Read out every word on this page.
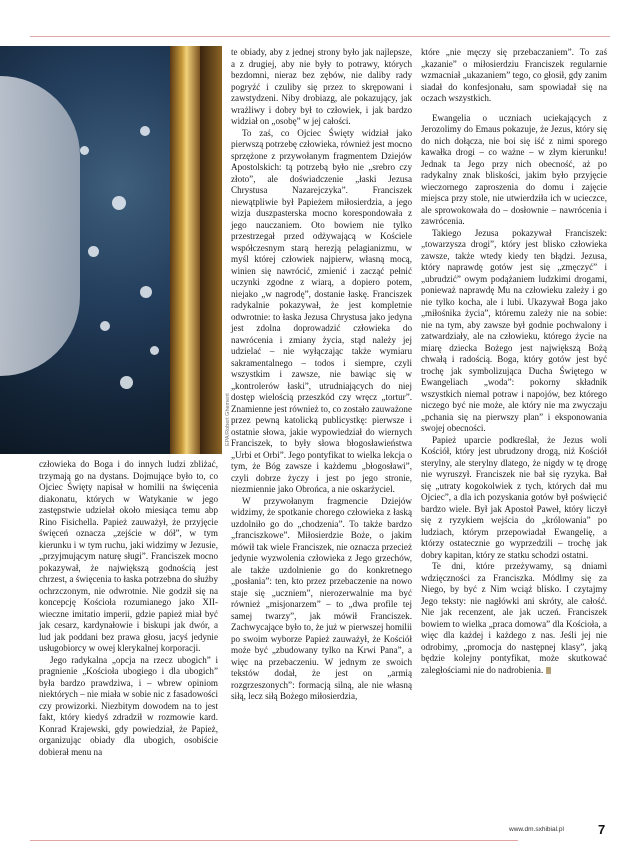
EPA/Robert Ghement

człowieka do Boga i do innych ludzi zbliżać, trzymają go na dystans. Dojmujące było to, co Ojciec Święty napisał w homilii na święcenia diakonatu, których w Watykanie w jego zastępstwie udzielał około miesiąca temu abp Rino Fisichella. Papież zauważył, że przyjęcie święceń oznacza „zejście w dół”, w tym kierunku i w tym ruchu, jaki widzimy w Jezusie, „przyjmującym naturę sługi”. Franciszek mocno pokazywał, że największą godnością jest chrzest, a święcenia to łaska potrzebna do służby ochrzczonym, nie odwrotnie. Nie godził się na koncepcję Kościoła rozumianego jako XII-wieczne imitatio imperii, gdzie papież miał być jak cesarz, kardynałowie i biskupi jak dwór, a lud jak poddani bez prawa głosu, jacyś jedynie usługobiorcy w owej klerykalnej korporacji.

Jego radykalna „opcja na rzecz ubogich” i pragnienie „Kościoła ubogiego i dla ubogich” była bardzo prawdziwa, i – wbrew opiniom niektórych – nie miała w sobie nic z fasadowości czy prowizorki. Niezbitym dowodem na to jest fakt, który kiedyś zdradził w rozmowie kard. Konrad Krajewski, gdy powiedział, że Papież, organizując obiady dla ubogich, osobiście dobierał menu na

te obiady, aby z jednej strony było jak najlepsze, a z drugiej, aby nie były to potrawy, których bezdomni, nieraz bez zębów, nie daliby rady pogryźć i czuliby się przez to skrępowani i zawstydzeni. Niby drobiazg, ale pokazujący, jak wrażliwy i dobry był to człowiek, i jak bardzo widział on „osobę” w jej całości.

To zaś, co Ojciec Święty widział jako pierwszą potrzebę człowieka, również jest mocno sprzężone z przywołanym fragmentem Dziejów Apostolskich: tą potrzebą było nie „srebro czy złoto”, ale doświadczenie „łaski Jezusa Chrystusa Nazarejczyka”. Franciszek niewątpliwie był Papieżem miłosierdzia, a jego wizja duszpasterska mocno korespondowała z jego nauczaniem. Oto bowiem nie tylko przestrzegał przed odżywającą w Kościele współczesnym starą herezją pelagianizmu, w myśl której człowiek najpierw, własną mocą, winien się nawrócić, zmienić i zacząć pełnić uczynki zgodne z wiarą, a dopiero potem, niejako „w nagrodę”, dostanie łaskę. Franciszek radykalnie pokazywał, że jest kompletnie odwrotnie: to łaska Jezusa Chrystusa jako jedyna jest zdolna doprowadzić człowieka do nawrócenia i zmiany życia, stąd należy jej udzielać – nie wyłączając także wymiaru sakramentalnego – todos i siempre, czyli wszystkim i zawsze, nie bawiąc się w „kontrolerów łaski”, utrudniających do niej dostęp wielością przeszkód czy wręcz „tortur”. Znamienne jest również to, co zostało zauważone przez pewną katolicką publicystkę: pierwsze i ostatnie słowa, jakie wypowiedział do wiernych Franciszek, to były słowa błogosławieństwa „Urbi et Orbi”. Jego pontyfikat to wielka lekcja o tym, że Bóg zawsze i każdemu „błogosławi”, czyli dobrze życzy i jest po jego stronie, niezmiennie jako Obrońca, a nie oskarżyciel.

W przywołanym fragmencie Dziejów widzimy, że spotkanie chorego człowieka z łaską uzdolniło go do „chodzenia”. To także bardzo „franciszkowe”. Miłosierdzie Boże, o jakim mówił tak wiele Franciszek, nie oznacza przecież jedynie wyzwolenia człowieka z Jego grzechów, ale także uzdolnienie go do konkretnego „posłania”: ten, kto przez przebaczenie na nowo staje się „uczniem”, nierozerwalnie ma być również „misjonarzem” – to „dwa profile tej samej twarzy”, jak mówił Franciszek. Zachwycające było to, że już w pierwszej homilii po swoim wyborze Papież zauważył, że Kościół może być „zbudowany tylko na Krwi Pana”, a więc na przebaczeniu. W jednym ze swoich tekstów dodał, że jest on „armią rozgrzeszonych”: formacją silną, ale nie własną siłą, lecz siłą Bożego miłosierdzia,

które „nie męczy się przebaczaniem”. To zaś „kazanie” o miłosierdziu Franciszek regularnie wzmacniał „ukazaniem” tego, co głosił, gdy zanim siadał do konfesjonału, sam spowiadał się na oczach wszystkich.

Ewangelia o uczniach uciekających z Jerozolimy do Emaus pokazuje, że Jezus, który się do nich dołącza, nie boi się iść z nimi sporego kawałka drogi – co ważne – w złym kierunku! Jednak ta Jego przy nich obecność, aż po radykalny znak bliskości, jakim było przyjęcie wieczornego zaproszenia do domu i zajęcie miejsca przy stole, nie utwierdziła ich w ucieczce, ale sprowokowała do – dosłownie – nawrócenia i zawrócenia.

Takiego Jezusa pokazywał Franciszek: „towarzysza drogi”, który jest blisko człowieka zawsze, także wtedy kiedy ten błądzi. Jezusa, który naprawdę gotów jest się „zmęczyć” i „ubrudzić” owym podążaniem ludzkimi drogami, ponieważ naprawdę Mu na człowieku zależy i go nie tylko kocha, ale i lubi. Ukazywał Boga jako „miłośnika życia”, któremu zależy nie na sobie: nie na tym, aby zawsze był godnie pochwalony i zatwardziały, ale na człowieku, którego życie na miarę dziecka Bożego jest największą Bożą chwałą i radością. Boga, który gotów jest być trochę jak symbolizująca Ducha Świętego w Ewangeliach „woda”: pokorny składnik wszystkich niemal potraw i napojów, bez którego niczego być nie może, ale który nie ma zwyczaju „pchania się na pierwszy plan” i eksponowania swojej obecności.

Papież uparcie podkreślał, że Jezus woli Kościół, który jest ubrudzony drogą, niż Kościół sterylny, ale sterylny dlatego, że nigdy w tę drogę nie wyruszył. Franciszek nie bał się ryzyka. Bał się „utraty kogokolwiek z tych, których dał mu Ojciec”, a dla ich pozyskania gotów był poświęcić bardzo wiele. Był jak Apostoł Paweł, który liczył się z ryzykiem wejścia do „królowania” po ludziach, którym przepowiadał Ewangelię, a którzy ostatecznie go wyprzedzili – trochę jak dobry kapitan, który ze statku schodzi ostatni.

Te dni, które przeżywamy, są dniami wdzięczności za Franciszka. Módlmy się za Niego, by być z Nim wciąż blisko. I czytajmy Jego teksty: nie nagłówki ani skróty, ale całość. Nie jak recenzent, ale jak uczeń. Franciszek bowiem to wielka „praca domowa” dla Kościoła, a więc dla każdej i każdego z nas. Jeśli jej nie odrobimy, „promocja do następnej klasy”, jaką będzie kolejny pontyfikat, może skutkować zaległościami nie do nadrobienia.

www.dm.sxhibial.pl	7
